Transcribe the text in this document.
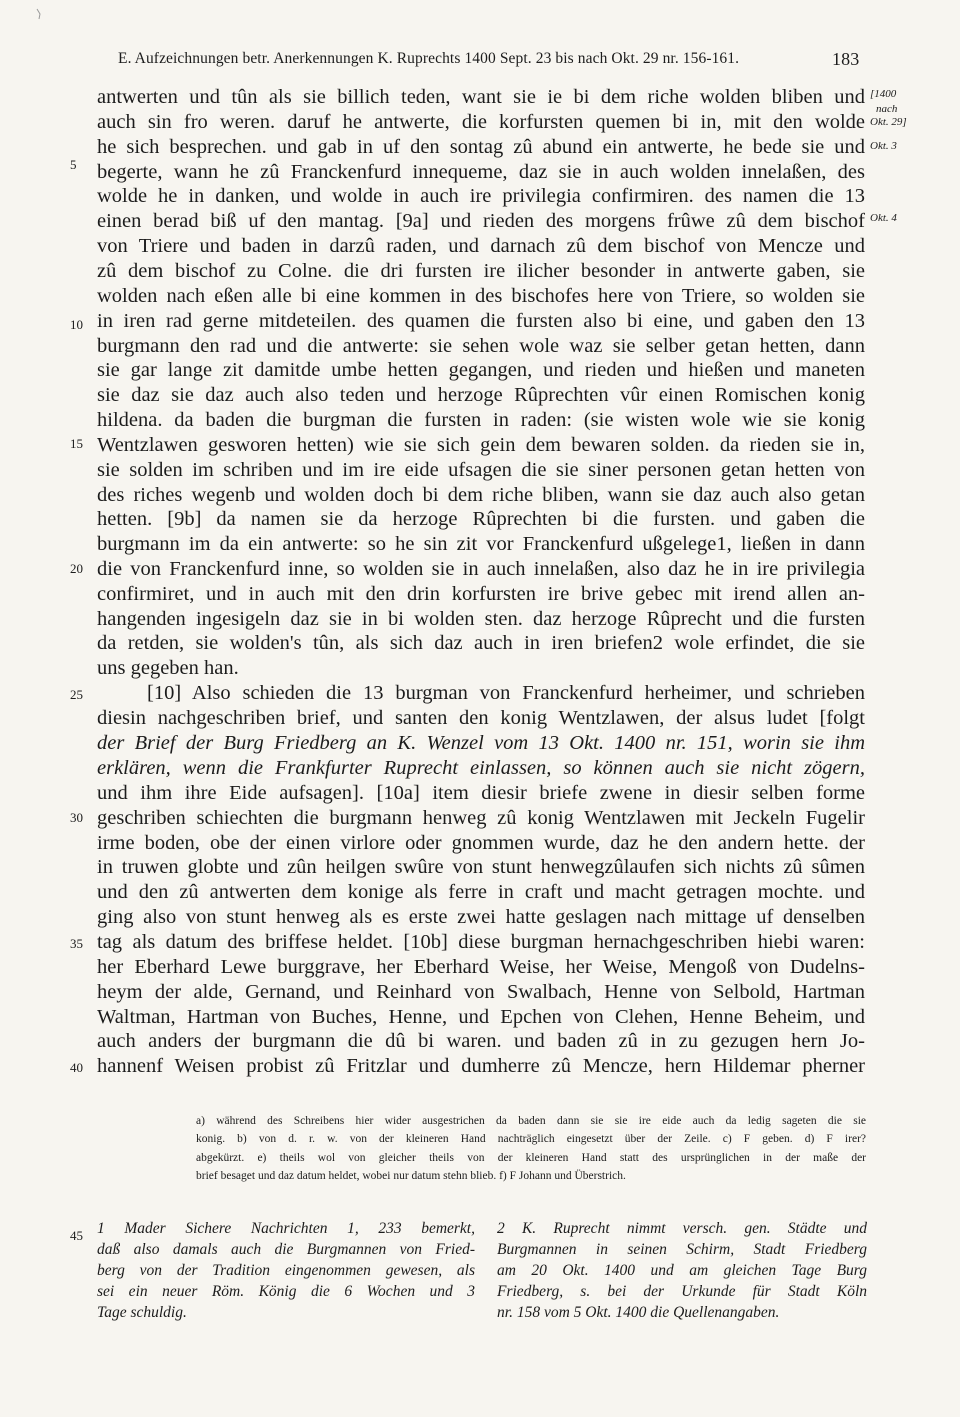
E. Aufzeichnungen betr. Anerkennungen K. Ruprechts 1400 Sept. 23 bis nach Okt. 29 nr. 156-161.	183
[1400
nach
Okt. 29]
Okt. 3
Okt. 4
5
10
15
20
25
30
35
40
antwerten und tûn als sie billich teden, want sie ie bi dem riche wolden bliben und
auch sin fro weren. daruf he antwerte, die korfursten quemen bi in, mit den wolde
he sich besprechen. und gab in uf den sontag zû abund ein antwerte, he bede sie und
begerte, wann he zû Franckenfurd innequeme, daz sie in auch wolden innelaßen, des
wolde he in danken, und wolde in auch ire privilegia confirmiren. des namen die 13
einen berad biß uf den mantag. [9a] und rieden des morgens frûwe zû dem bischof
von Triere und baden in darzû raden, und darnach zû dem bischof von Mencze und
zû dem bischof zu Colne. die dri fursten ire ilicher besonder in antwerte gaben, sie
wolden nach eßen alle bi eine kommen in des bischofes here von Triere, so wolden sie
in iren rad gerne mitdeteilen. des quamen die fursten also bi eine, und gaben den 13
burgmann den rad und die antwerte: sie sehen wole waz sie selber getan hetten, dann
sie gar lange zit damitde umbe hetten gegangen, und rieden und hießen und maneten
sie daz sie daz auch also teden und herzoge Rûprechten vûr einen Romischen konig
hildena. da baden die burgman die fursten in raden: (sie wisten wole wie sie konig
Wentzlawen gesworen hetten) wie sie sich gein dem bewaren solden. da rieden sie in,
sie solden im schriben und im ire eide ufsagen die sie siner personen getan hetten von
des riches wegenb und wolden doch bi dem riche bliben, wann sie daz auch also getan
hetten. [9b] da namen sie da herzoge Rûprechten bi die fursten. und gaben die
burgmann im da ein antwerte: so he sin zit vor Franckenfurd ußgelege1, ließen in dann
die von Franckenfurd inne, so wolden sie in auch innelaßen, also daz he in ire privilegia
confirmiret, und in auch mit den drin korfursten ire brive gebec mit irend allen an-
hangenden ingesigeln daz sie in bi wolden sten. daz herzoge Rûprecht und die fursten
da retden, sie wolden's tûn, als sich daz auch in iren briefen2 wole erfindet, die sie
uns gegeben han.
[10] Also schieden die 13 burgman von Franckenfurd herheimer, und schrieben
diesin nachgeschriben brief, und santen den konig Wentzlawen, der alsus ludet [folgt
der Brief der Burg Friedberg an K. Wenzel vom 13 Okt. 1400 nr. 151, worin sie ihm
erklären, wenn die Frankfurter Ruprecht einlassen, so können auch sie nicht zögern,
und ihm ihre Eide aufsagen]. [10a] item diesir briefe zwene in diesir selben forme
geschriben schiechten die burgmann henweg zû konig Wentzlawen mit Jeckeln Fugelir
irme boden, obe der einen virlore oder gnommen wurde, daz he den andern hette. der
in truwen globte und zûn heilgen swûre von stunt henwegzûlaufen sich nichts zû sûmen
und den zû antwerten dem konige als ferre in craft und macht getragen mochte. und
ging also von stunt henweg als es erste zwei hatte geslagen nach mittage uf denselben
tag als datum des briffese heldet. [10b] diese burgman hernachgeschriben hiebi waren:
her Eberhard Lewe burggrave, her Eberhard Weise, her Weise, Mengoß von Dudelns-
heym der alde, Gernand, und Reinhard von Swalbach, Henne von Selbold, Hartman
Waltman, Hartman von Buches, Henne, und Epchen von Clehen, Henne Beheim, und
auch anders der burgmann die dû bi waren. und baden zû in zu gezugen hern Jo-
hannenf Weisen probist zû Fritzlar und dumherre zû Mencze, hern Hildemar pherner
a) während des Schreibens hier wider ausgestrichen da baden dann sie sie ire eide auch da ledig sageten die sie
konig. b) von d. r. w. von der kleineren Hand nachträglich eingesetzt über der Zeile. c) F geben. d) F irer?
abgekürzt. e) theils wol von gleicher theils von der kleineren Hand statt des ursprünglichen in der maße der
brief besaget und daz datum heldet, wobei nur datum stehn blieb. f) F Johann und Überstrich.
45 1 Mader Sichere Nachrichten 1, 233 bemerkt,
daß also damals auch die Burgmannen von Fried-
berg von der Tradition eingenommen gewesen, als
sei ein neuer Röm. König die 6 Wochen und 3
Tage schuldig.
2 K. Ruprecht nimmt versch. gen. Städte und
Burgmannen in seinen Schirm, Stadt Friedberg
am 20 Okt. 1400 und am gleichen Tage Burg
Friedberg, s. bei der Urkunde für Stadt Köln
nr. 158 vom 5 Okt. 1400 die Quellenangaben.
